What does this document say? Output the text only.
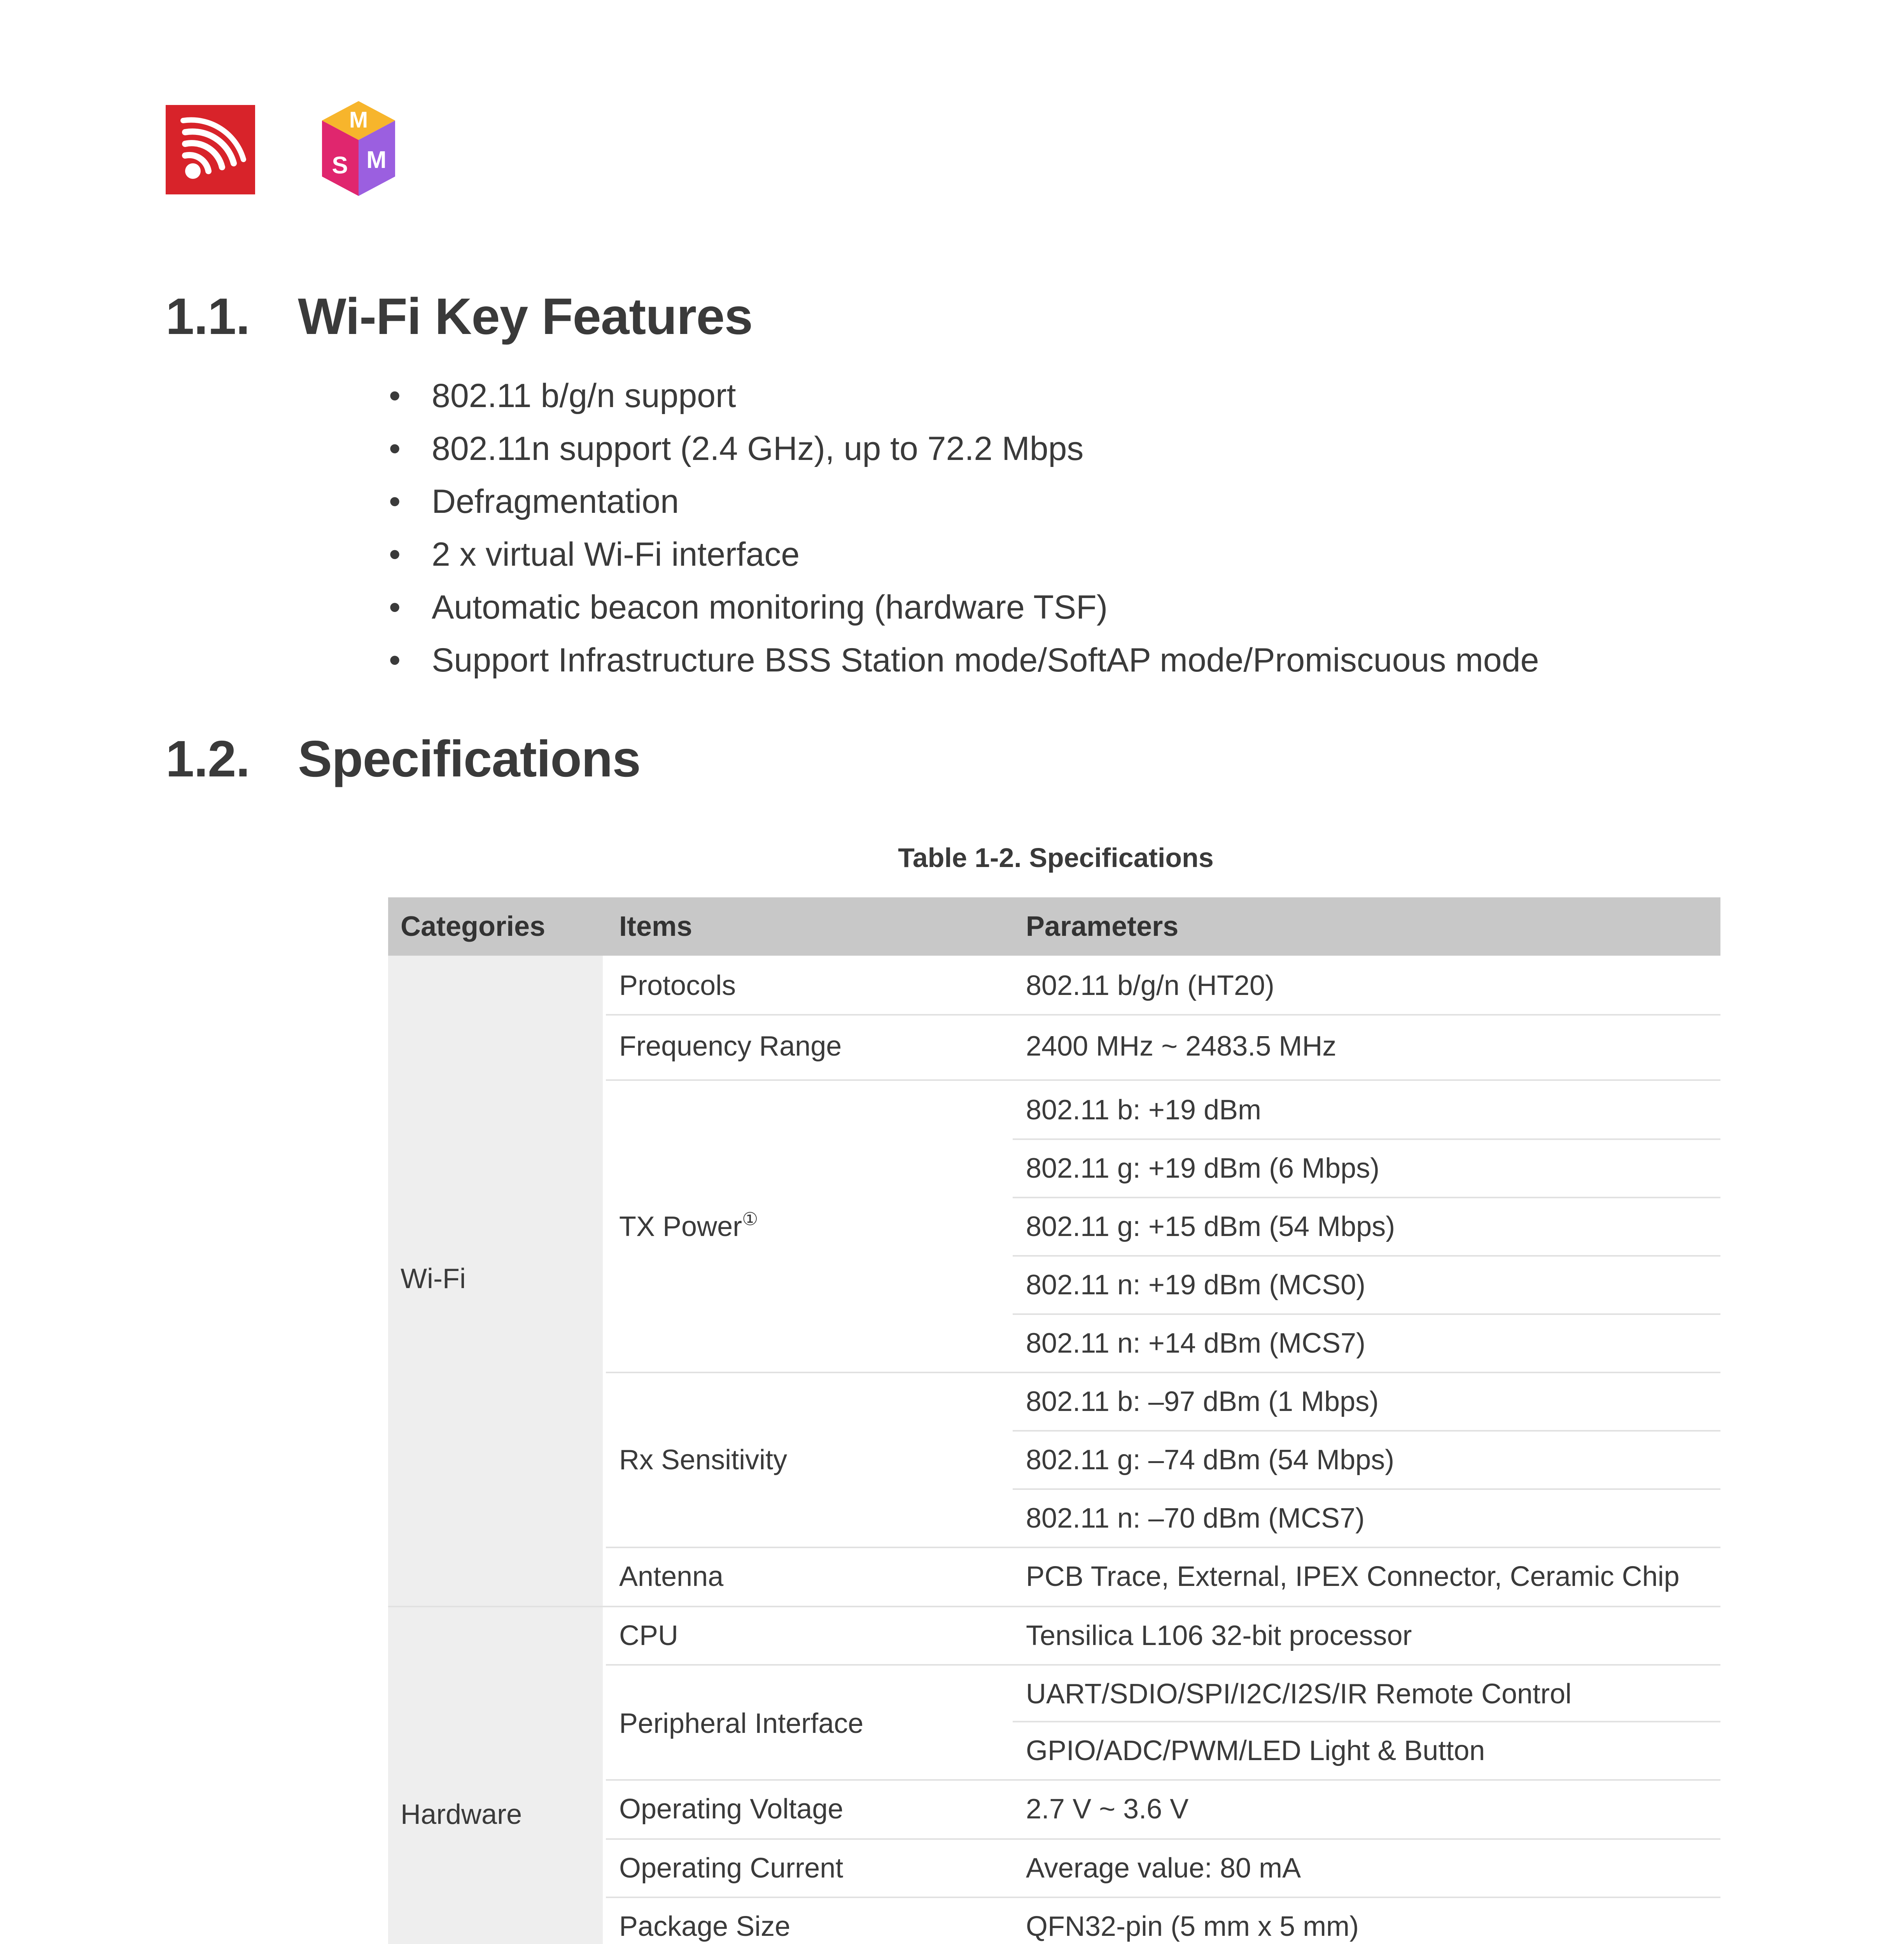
M
S M
1.1. Wi-Fi Key Features
• 802.11 b/g/n support
• 802.11n support (2.4 GHz), up to 72.2 Mbps
• Defragmentation
• 2 x virtual Wi-Fi interface
• Automatic beacon monitoring (hardware TSF)
• Support Infrastructure BSS Station mode/SoftAP mode/Promiscuous mode
1.2. Specifications
Table 1-2. Specifications
Categories	Items	Parameters
Wi-Fi
Hardware
Protocols
Frequency Range
TX Power①
Rx Sensitivity
Antenna
CPU
Peripheral Interface
Operating Voltage
Operating Current
Package Size
802.11 b/g/n (HT20)
2400 MHz ~ 2483.5 MHz
802.11 b: +19 dBm
802.11 g: +19 dBm (6 Mbps)
802.11 g: +15 dBm (54 Mbps)
802.11 n: +19 dBm (MCS0)
802.11 n: +14 dBm (MCS7)
802.11 b: –97 dBm (1 Mbps)
802.11 g: –74 dBm (54 Mbps)
802.11 n: –70 dBm (MCS7)
PCB Trace, External, IPEX Connector, Ceramic Chip
Tensilica L106 32-bit processor
UART/SDIO/SPI/I2C/I2S/IR Remote Control
GPIO/ADC/PWM/LED Light & Button
2.7 V ~ 3.6 V
Average value: 80 mA
QFN32-pin (5 mm x 5 mm)
